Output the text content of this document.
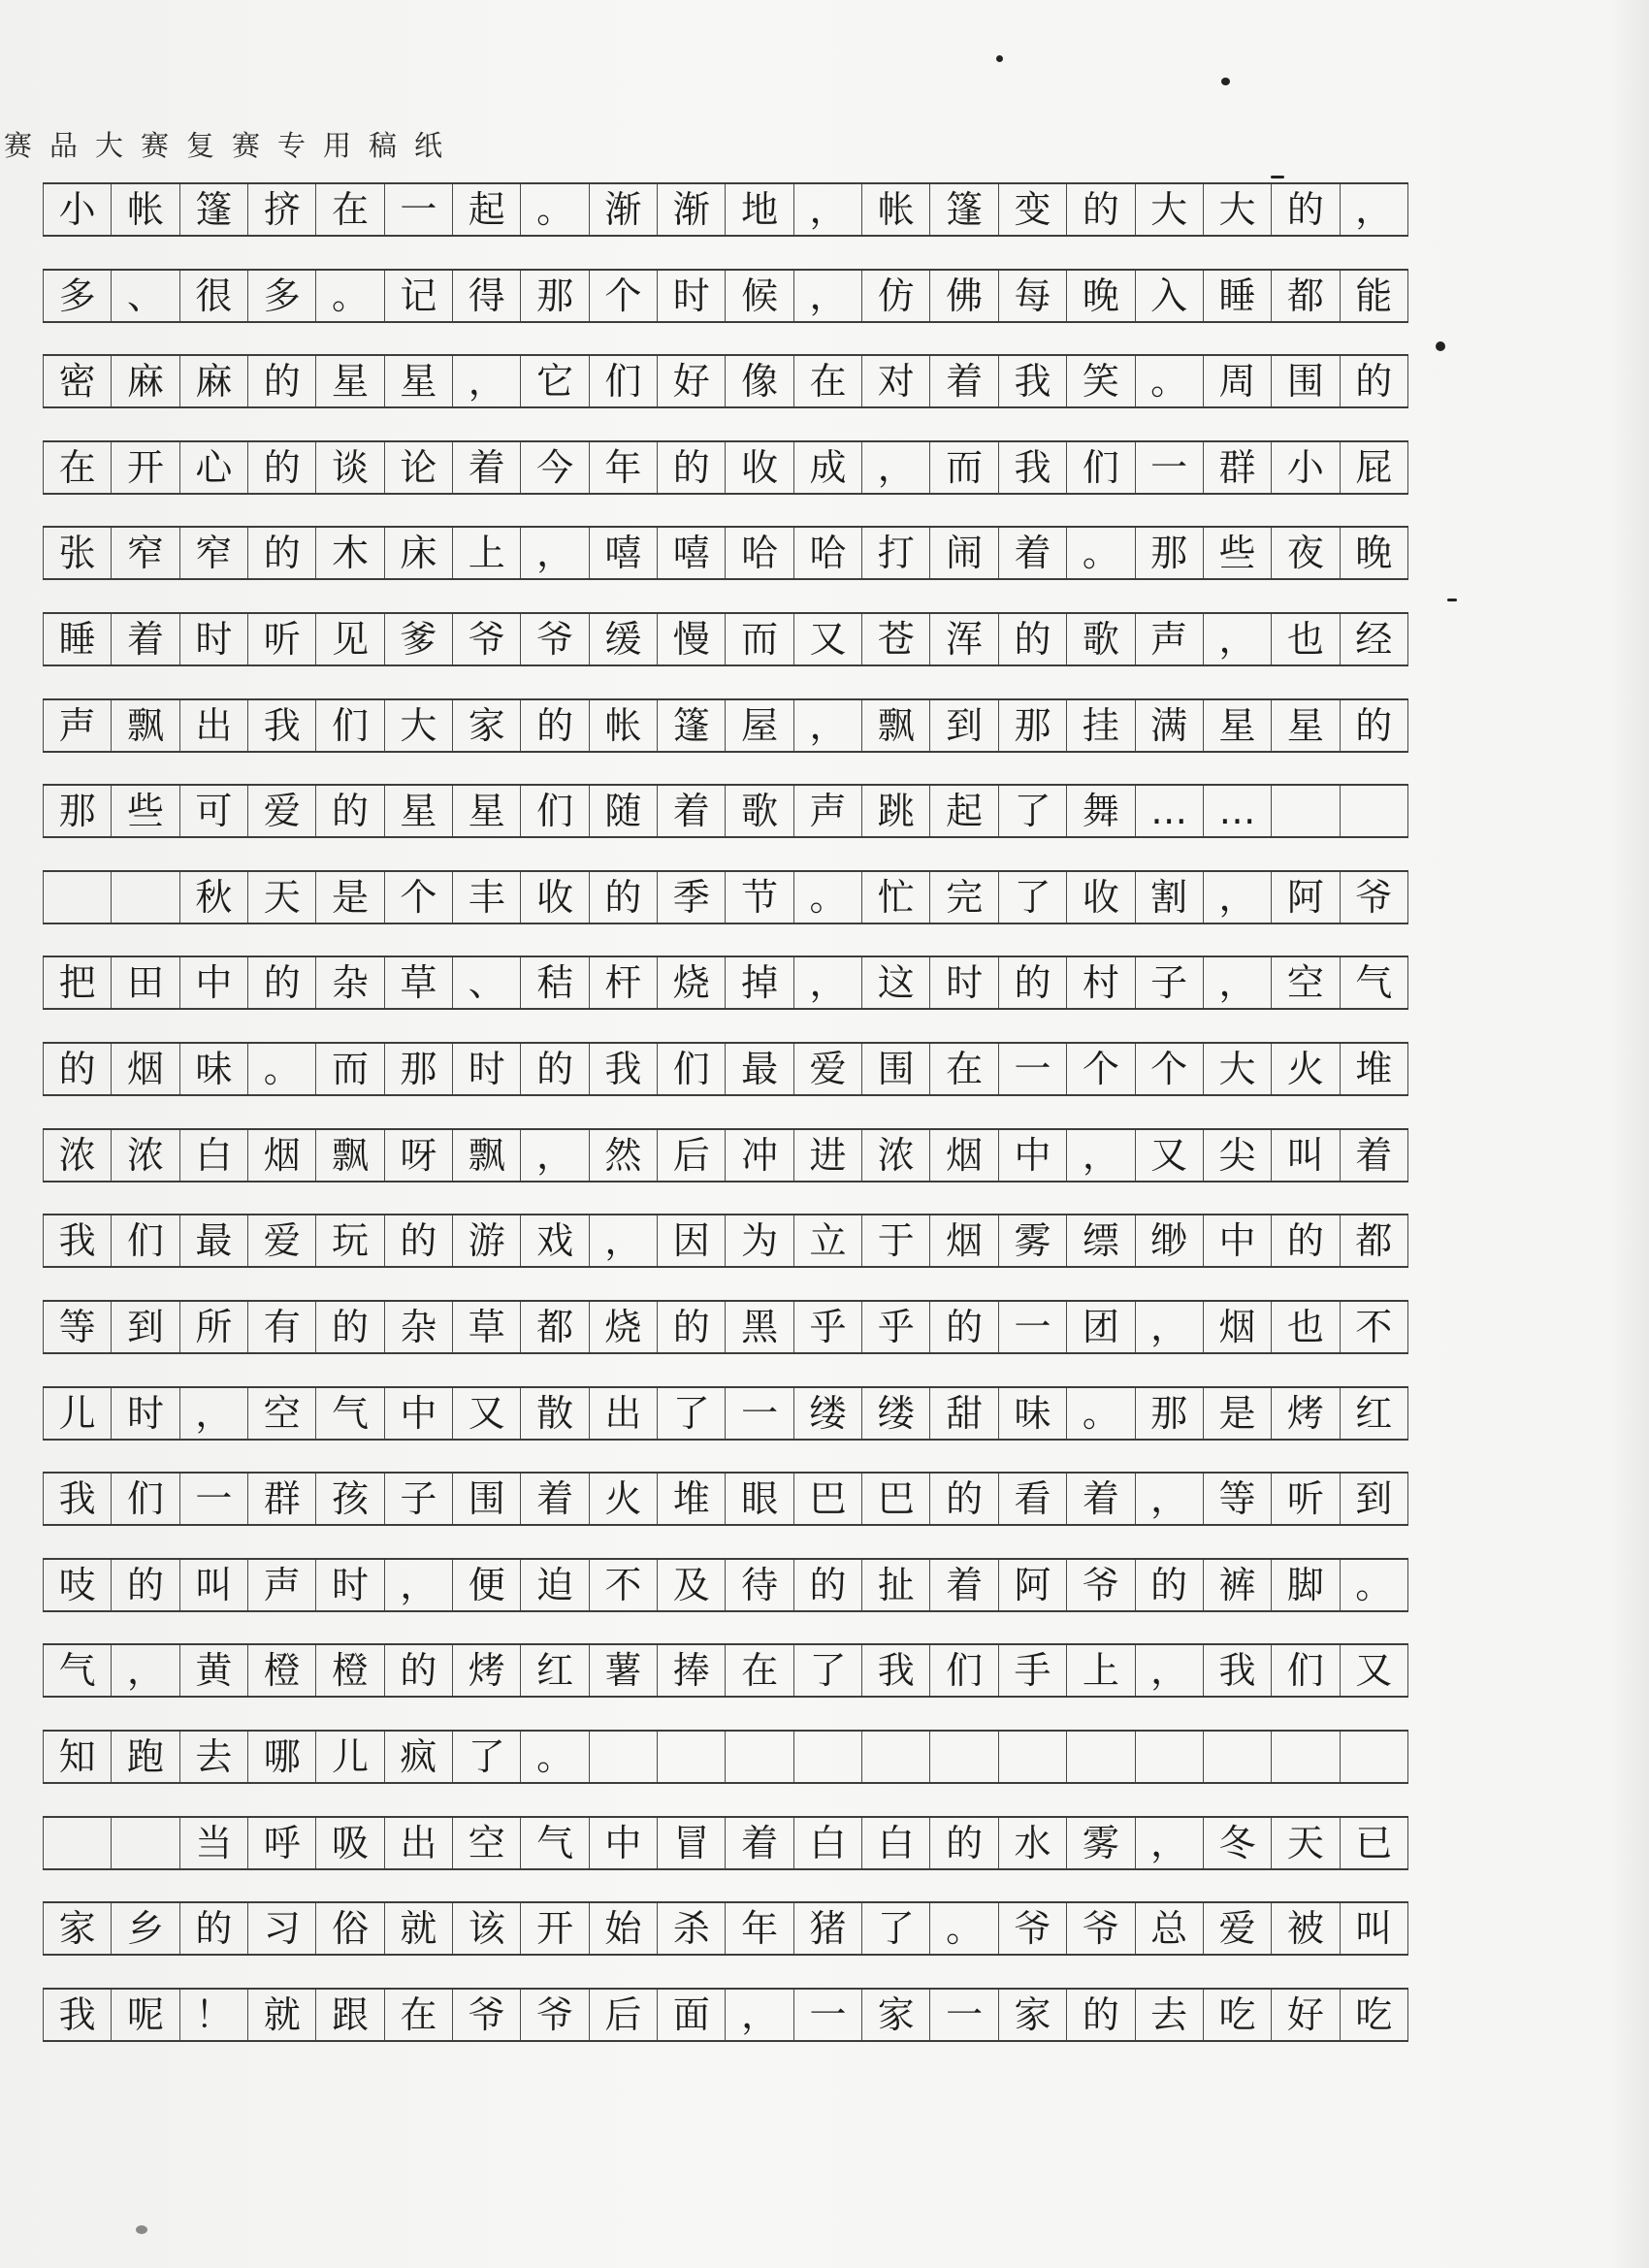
赛品大赛复赛专用稿纸
小 帐 篷 挤 在 一 起 。 渐 渐 地 ， 帐 篷 变 的 大 大 的 ，
多 、 很 多 。 记 得 那 个 时 候 ， 仿 佛 每 晚 入 睡 都 能
密 麻 麻 的 星 星 ， 它 们 好 像 在 对 着 我 笑 。 周 围 的
在 开 心 的 谈 论 着 今 年 的 收 成 ， 而 我 们 一 群 小 屁
张 窄 窄 的 木 床 上 ， 嘻 嘻 哈 哈 打 闹 着 。 那 些 夜 晚
睡 着 时 听 见 爹 爷 爷 缓 慢 而 又 苍 浑 的 歌 声 ， 也 经
声 飘 出 我 们 大 家 的 帐 篷 屋 ， 飘 到 那 挂 满 星 星 的
那 些 可 爱 的 星 星 们 随 着 歌 声 跳 起 了 舞 … …
秋 天 是 个 丰 收 的 季 节 。 忙 完 了 收 割 ， 阿 爷
把 田 中 的 杂 草 、 秸 杆 烧 掉 ， 这 时 的 村 子 ， 空 气
的 烟 味 。 而 那 时 的 我 们 最 爱 围 在 一 个 个 大 火 堆
浓 浓 白 烟 飘 呀 飘 ， 然 后 冲 进 浓 烟 中 ， 又 尖 叫 着
我 们 最 爱 玩 的 游 戏 ， 因 为 立 于 烟 雾 缥 缈 中 的 都
等 到 所 有 的 杂 草 都 烧 的 黑 乎 乎 的 一 团 ， 烟 也 不
儿 时 ， 空 气 中 又 散 出 了 一 缕 缕 甜 味 。 那 是 烤 红
我 们 一 群 孩 子 围 着 火 堆 眼 巴 巴 的 看 着 ， 等 听 到
吱 的 叫 声 时 ， 便 迫 不 及 待 的 扯 着 阿 爷 的 裤 脚 。
气 ， 黄 橙 橙 的 烤 红 薯 捧 在 了 我 们 手 上 ， 我 们 又
知 跑 去 哪 儿 疯 了 。
当 呼 吸 出 空 气 中 冒 着 白 白 的 水 雾 ， 冬 天 已
家 乡 的 习 俗 就 该 开 始 杀 年 猪 了 。 爷 爷 总 爱 被 叫
我 呢 ！ 就 跟 在 爷 爷 后 面 ， 一 家 一 家 的 去 吃 好 吃
